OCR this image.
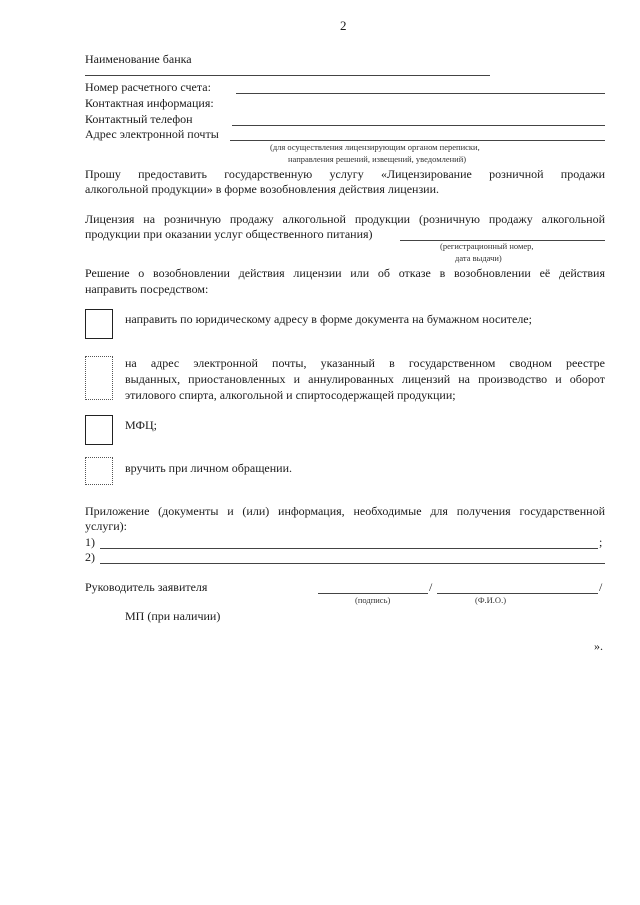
2
Наименование банка
Номер расчетного счета:
Контактная информация:
Контактный телефон
Адрес электронной почты
(для осуществления лицензирующим органом переписки,
направления решений, извещений, уведомлений)
Прошу предоставить государственную услугу «Лицензирование розничной продажи
алкогольной продукции» в форме возобновления действия лицензии.
Лицензия на розничную продажу алкогольной продукции (розничную продажу алкогольной
продукции при оказании услуг общественного питания)
(регистрационный номер,
дата выдачи)
Решение о возобновлении действия лицензии или об отказе в возобновлении её действия
направить посредством:
направить по юридическому адресу в форме документа на бумажном носителе;
на адрес электронной почты, указанный в государственном сводном реестре
выданных, приостановленных и аннулированных лицензий на производство и оборот
этилового спирта, алкогольной и спиртосодержащей продукции;
МФЦ;
вручить при личном обращении.
Приложение (документы и (или) информация, необходимые для получения государственной
услуги):
1)	;
2)
Руководитель заявителя	/	/
(подпись)	(Ф.И.О.)
МП (при наличии)
».
